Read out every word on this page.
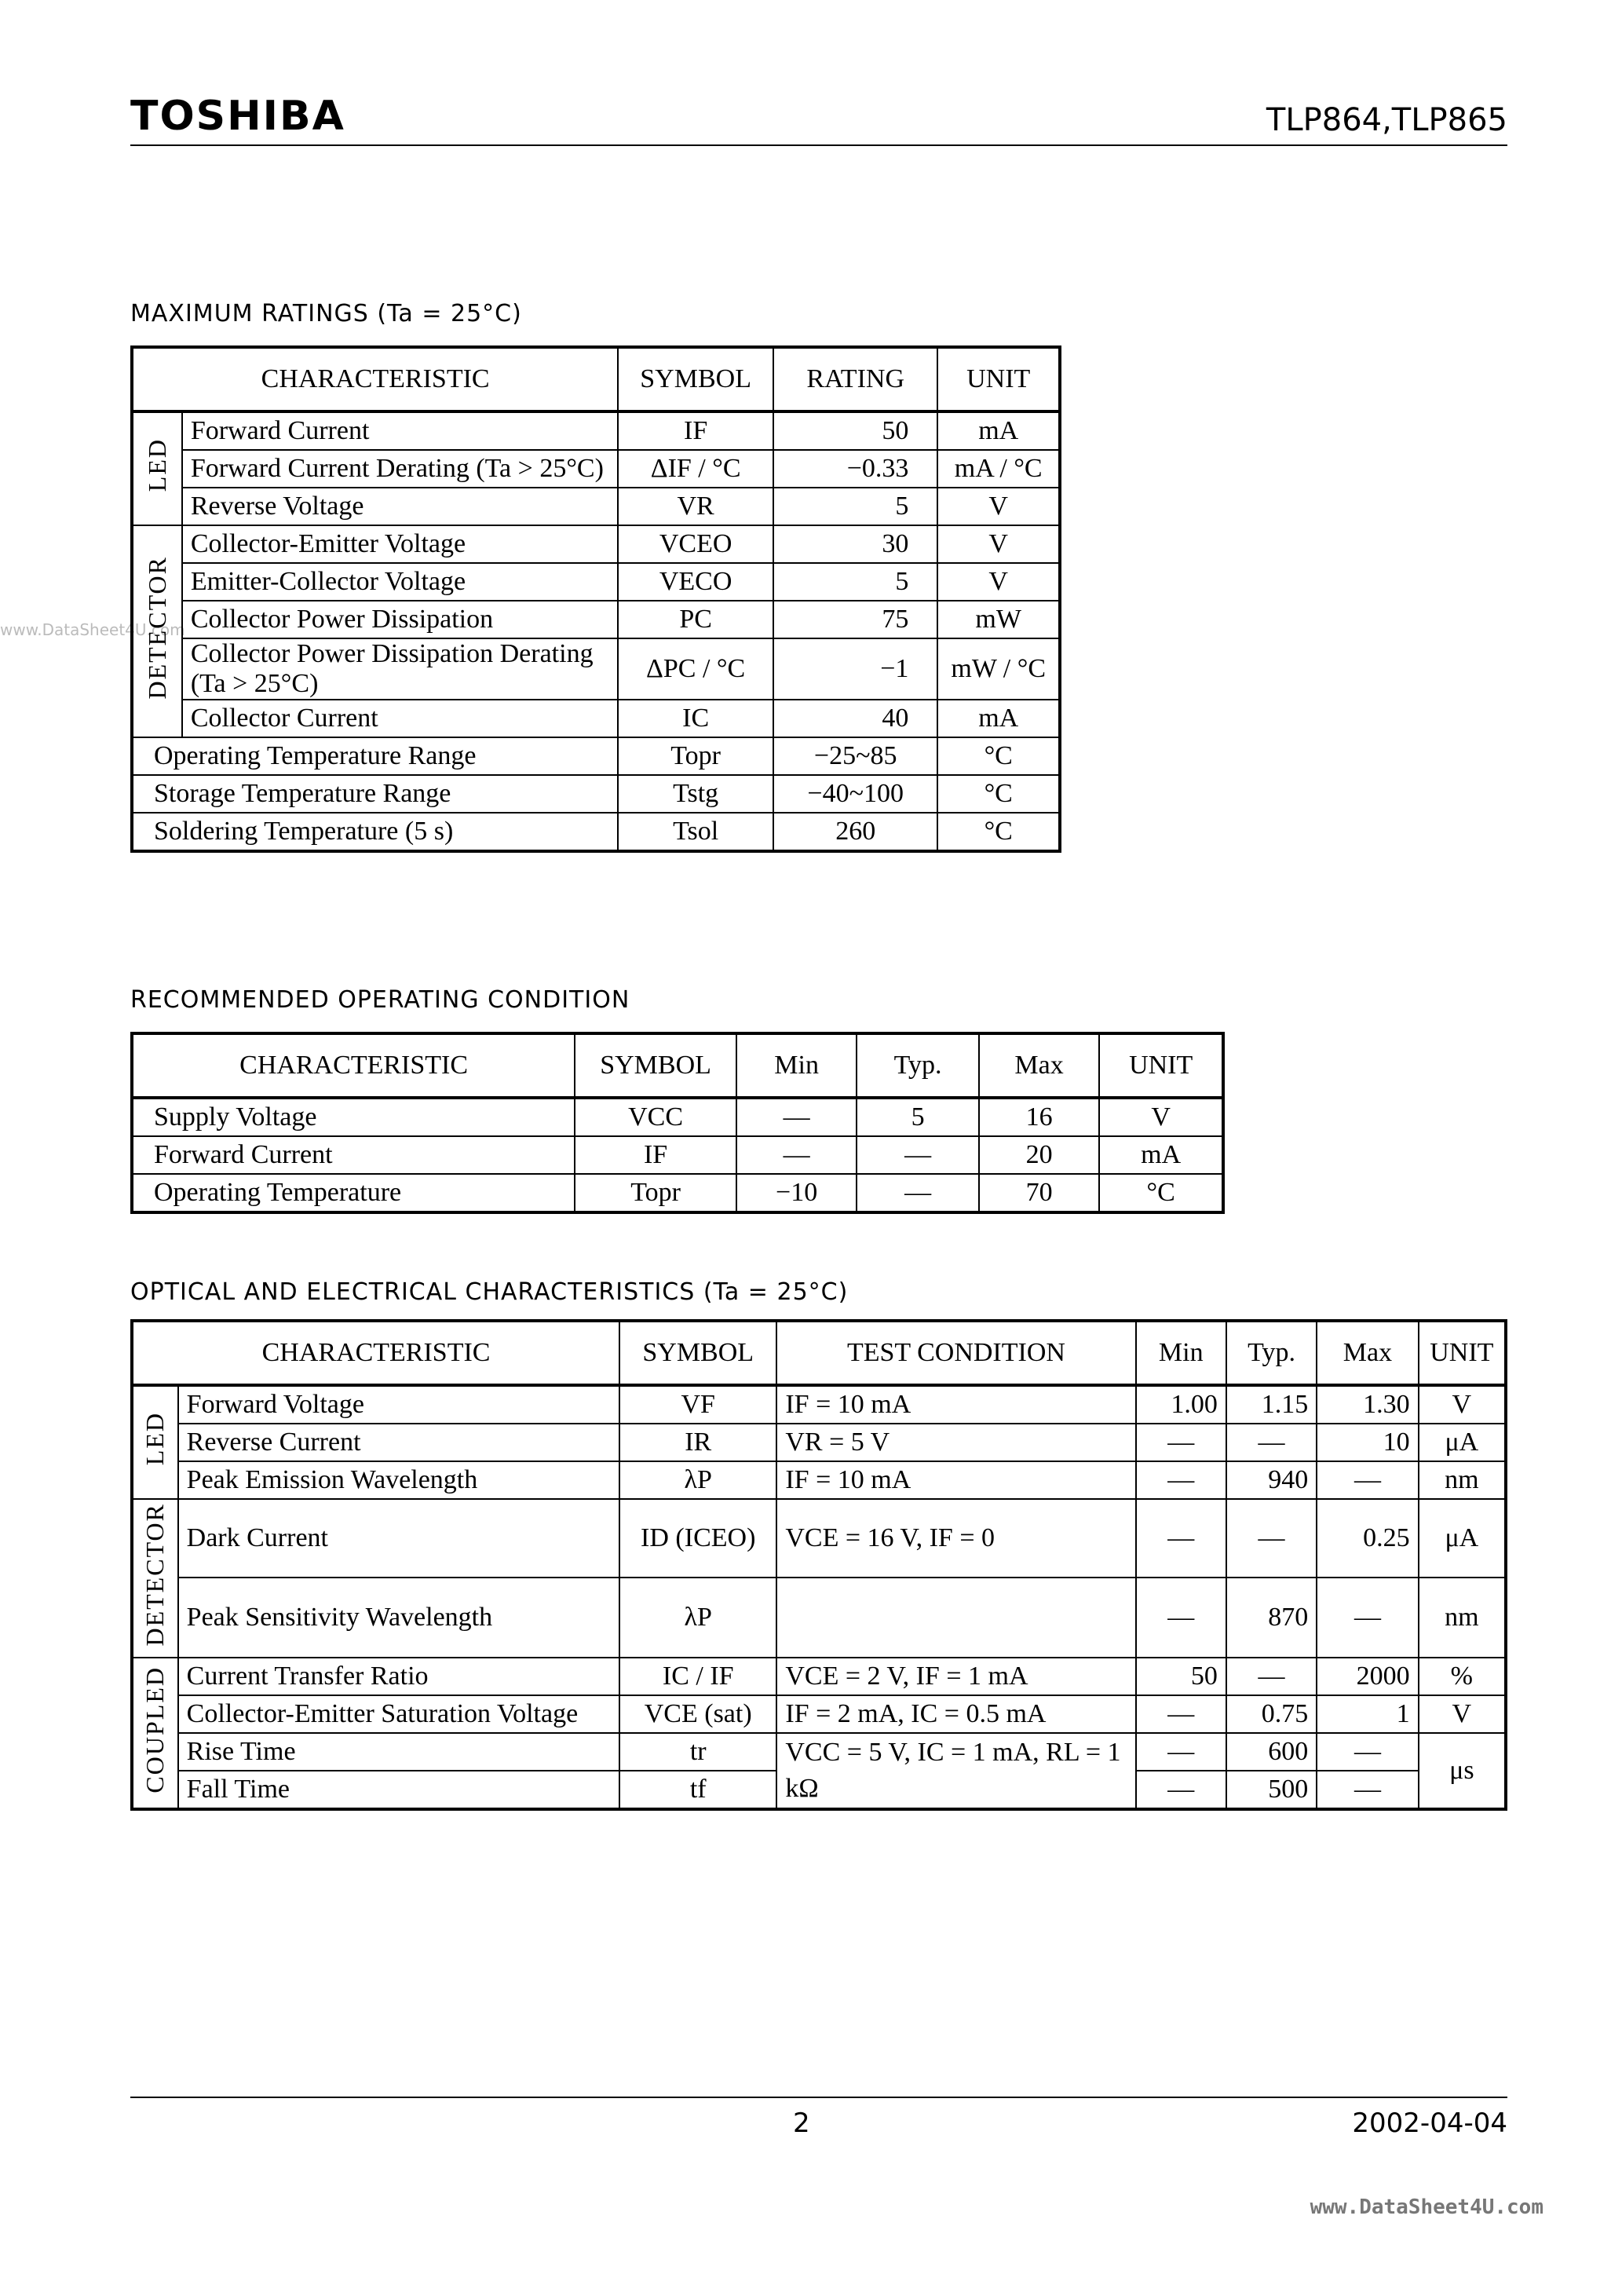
TOSHIBA	TLP864,TLP865
www.DataSheet4U.com
MAXIMUM RATINGS (Ta = 25°C)
CHARACTERISTIC		SYMBOL	RATING	UNIT
LED	Forward Current	IF	50	mA
	Forward Current Derating (Ta > 25°C)	ΔIF / °C	−0.33	mA / °C
	Reverse Voltage	VR	5	V
DETECTOR	Collector-Emitter Voltage	VCEO	30	V
	Emitter-Collector Voltage	VECO	5	V
	Collector Power Dissipation	PC	75	mW
	Collector Power Dissipation Derating (Ta > 25°C)	ΔPC / °C	−1	mW / °C
	Collector Current	IC	40	mA
Operating Temperature Range		Topr	−25~85	°C
Storage Temperature Range		Tstg	−40~100	°C
Soldering Temperature (5 s)		Tsol	260	°C
RECOMMENDED OPERATING CONDITION
CHARACTERISTIC	SYMBOL	Min	Typ.	Max	UNIT
Supply Voltage	VCC	—	5	16	V
Forward Current	IF	—	—	20	mA
Operating Temperature	Topr	−10	—	70	°C
OPTICAL AND ELECTRICAL CHARACTERISTICS (Ta = 25°C)
CHARACTERISTIC		SYMBOL	TEST CONDITION	Min	Typ.	Max	UNIT
LED	Forward Voltage	VF	IF = 10 mA	1.00	1.15	1.30	V
	Reverse Current	IR	VR = 5 V	—	—	10	μA
	Peak Emission Wavelength	λP	IF = 10 mA	—	940	—	nm
DETECTOR	Dark Current	ID (ICEO)	VCE = 16 V, IF = 0	—	—	0.25	μA
	Peak Sensitivity Wavelength	λP		—	870	—	nm
COUPLED	Current Transfer Ratio	IC / IF	VCE = 2 V, IF = 1 mA	50	—	2000	%
	Collector-Emitter Saturation Voltage	VCE (sat)	IF = 2 mA, IC = 0.5 mA	—	0.75	1	V
	Rise Time	tr	VCC = 5 V, IC = 1 mA, RL = 1 kΩ	—	600	—	μs
	Fall Time	tf		—	500	—	
2	2002-04-04
www.DataSheet4U.com
